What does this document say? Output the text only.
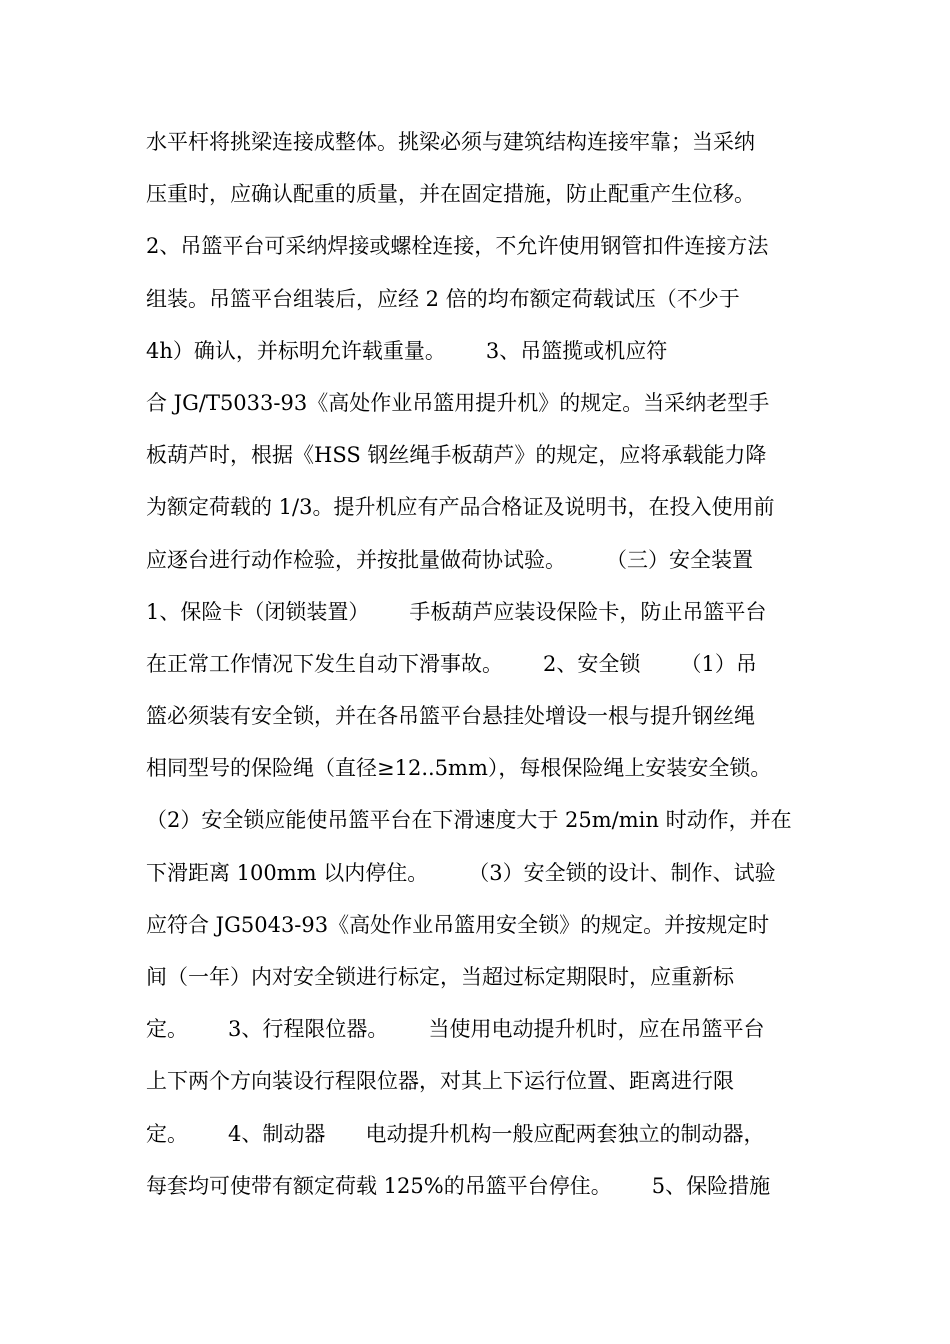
水平杆将挑梁连接成整体。挑梁必须与建筑结构连接牢靠；当采纳
压重时，应确认配重的质量，并在固定措施，防止配重产生位移。
2、吊篮平台可采纳焊接或螺栓连接，不允许使用钢管扣件连接方法
组装。吊篮平台组装后，应经 2 倍的均布额定荷载试压（不少于
4h）确认，并标明允许载重量。      3、吊篮揽或机应符
合 JG/T5033-93《高处作业吊篮用提升机》的规定。当采纳老型手
板葫芦时，根据《HSS 钢丝绳手板葫芦》的规定，应将承载能力降
为额定荷载的 1/3。提升机应有产品合格证及说明书，在投入使用前
应逐台进行动作检验，并按批量做荷协试验。      （三）安全装置
1、保险卡（闭锁装置）      手板葫芦应装设保险卡，防止吊篮平台
在正常工作情况下发生自动下滑事故。      2、安全锁      （1）吊
篮必须装有安全锁，并在各吊篮平台悬挂处增设一根与提升钢丝绳
相同型号的保险绳（直径≥12..5mm），每根保险绳上安装安全锁。
（2）安全锁应能使吊篮平台在下滑速度大于 25m/min 时动作，并在
下滑距离 100mm 以内停住。      （3）安全锁的设计、制作、试验
应符合 JG5043-93《高处作业吊篮用安全锁》的规定。并按规定时
间（一年）内对安全锁进行标定，当超过标定期限时，应重新标
定。      3、行程限位器。      当使用电动提升机时，应在吊篮平台
上下两个方向装设行程限位器，对其上下运行位置、距离进行限
定。      4、制动器      电动提升机构一般应配两套独立的制动器，
每套均可使带有额定荷载 125%的吊篮平台停住。      5、保险措施
